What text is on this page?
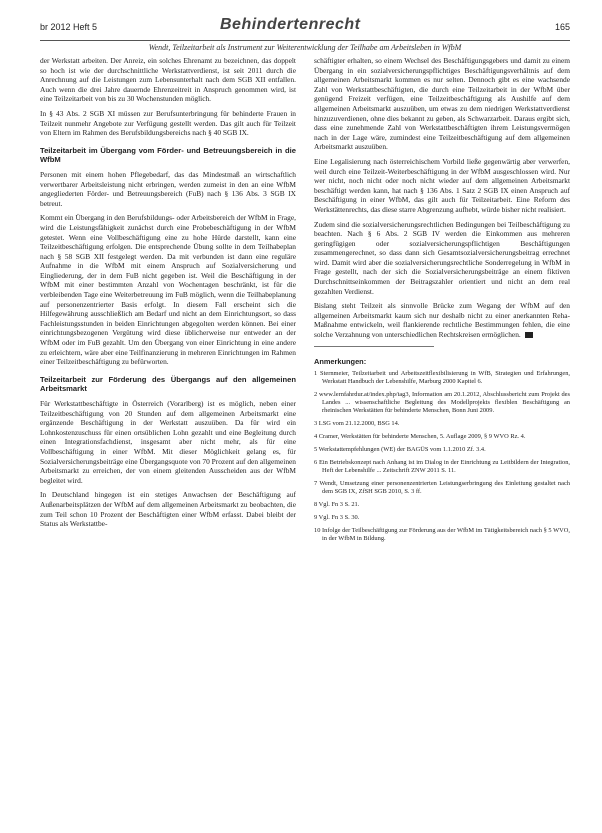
br 2012 Heft 5	Behindertenrecht	165
Wendt, Teilzeitarbeit als Instrument zur Weiterentwicklung der Teilhabe am Arbeitsleben in WfbM

der Werkstatt arbeiten. Der Anreiz, ein solches Ehrenamt zu bezeichnen, das doppelt so hoch ist wie der durchschnittliche Werkstattverdienst, ist seit 2011 durch die Anrechnung auf die Leistungen zum Lebensunterhalt nach dem SGB XII entfallen. Auch wenn die drei Jahre dauernde Ehrenzeitreit in Anspruch genommen wird, ist eine Teilzeitarbeit von bis zu 30 Wochenstunden möglich.

In § 43 Abs. 2 SGB XI müssen zur Berufsunterbringung für behinderte Frauen in Teilzeit nunmehr Angebote zur Verfügung gestellt werden. Das gilt auch für Teilzeit von Eltern im Rahmen des Berufsbildungsbereichs nach § 40 SGB IX.

Teilzeitarbeit im Übergang vom Förder- und Betreuungsbereich in die WfbM

Personen mit einem hohen Pflegebedarf, das das Mindestmaß an wirtschaftlich verwertbarer Arbeitsleistung nicht erbringen, werden zumeist in den an eine WfbM angegliederten Förder- und Betreuungsbereich (FuB) nach § 136 Abs. 3 SGB IX betreut.

Kommt ein Übergang in den Berufsbildungs- oder Arbeitsbereich der WfbM in Frage, wird die Leistungsfähigkeit zunächst durch eine Probebeschäftigung in der WfbM getestet. Wenn eine Vollbeschäftigung eine zu hohe Hürde darstellt, kann eine Teilzeitbeschäftigung erfolgen. Die entsprechende Übung sollte in dem Teilhabeplan nach § 58 SGB XII festgelegt werden. Da mit verbunden ist dann eine reguläre Aufnahme in die WfbM mit einem Anspruch auf Sozialversicherung und Eingliederung, der in dem FuB nicht gegeben ist. Weil die Beschäftigung in der WfbM mit einer bestimmten Anzahl von Wochentagen beschränkt, ist für die verbleibenden Tage eine Weiterbetreuung im FuB möglich, wenn die Teilhabeplanung auf personenzentrierter Basis erfolgt. In diesem Fall erscheint sich die Hilfegewährung ausschließlich am Bedarf und nicht an dem Einrichtungsort, so dass Fachleistungsstunden in beiden Einrichtungen abgegolten werden können. Bei einer einrichtungsbezogenen Vergütung wird diese üblicherweise nur entweder an der WfbM oder im FuB gezahlt. Um den Übergang von einer Einrichtung in eine andere zu erleichtern, wäre aber eine Teilfinanzierung in mehreren Einrichtungen im Rahmen einer Teilzeitbeschäftigung zu befürworten.

Teilzeitarbeit zur Förderung des Übergangs auf den allgemeinen Arbeitsmarkt

Für Werkstattbeschäftigte in Österreich (Vorarlberg) ist es möglich, neben einer Teilzeitbeschäftigung von 20 Stunden auf dem allgemeinen Arbeitsmarkt eine ergänzende Beschäftigung in der Werkstatt auszuüben. Da für wird ein Lohnkostenzuschuss für einen ortsüblichen Lohn gezahlt und eine Begleitung durch einen Integrationsfachdienst, insgesamt aber nicht mehr, als für eine Vollbeschäftigung in einer WfbM. Mit dieser Möglichkeit gelang es, für Sozialversicherungsbeiträge eine Übergangsquote von 70 Prozent auf den allgemeinen Arbeitsmarkt zu erreichen, der von einem gleitenden Ausscheiden aus der WfbM begleitet wird.

In Deutschland hingegen ist ein stetiges Anwachsen der Beschäftigung auf Außenarbeitsplätzen der WfbM auf dem allgemeinen Arbeitsmarkt zu beobachten, die zum Teil schon 10 Prozent der Beschäftigten einer WfbM erfasst. Dabei bleibt der Status als Werkstattbe-

schäftigter erhalten, so einem Wechsel des Beschäftigungsgebers und damit zu einem Übergang in ein sozialversicherungspflichtiges Beschäftigungsverhältnis auf dem allgemeinen Arbeitsmarkt kommen es nur selten. Dennoch gibt es eine wachsende Zahl von Werkstattbeschäftigten, die durch eine Teilzeitarbeit in der WfbM über genügend Freizeit verfügen, eine Teilzeitbeschäftigung als Aushilfe auf dem allgemeinen Arbeitsmarkt auszuüben, um etwas zu dem niedrigen Werkstattverdienst hinzuzuverdienen, ohne dies bekannt zu geben, als Schwarzarbeit. Daraus ergibt sich, dass eine zunehmende Zahl von Werkstattbeschäftigten ihrem Leistungsvermögen nach in der Lage wäre, zumindest eine Teilzeitbeschäftigung auf dem allgemeinen Arbeitsmarkt auszuüben.

Eine Legalisierung nach österreichischem Vorbild ließe gegenwärtig aber verwerfen, weil durch eine Teilzeit-Weiterbeschäftigung in der WfbM ausgeschlossen wird. Nur wer nicht, noch nicht oder noch nicht wieder auf dem allgemeinen Arbeitsmarkt beschäftigt werden kann, hat nach § 136 Abs. 1 Satz 2 SGB IX einen Anspruch auf Beschäftigung in einer WfbM, das gilt auch für Teilzeitarbeit. Eine Reform des Werkstättenrechts, das diese starre Abgrenzung aufhebt, würde bisher nicht realisiert.

Zudem sind die sozialversicherungsrechtlichen Bedingungen bei Teilbeschäftigung zu beachten. Nach § 6 Abs. 2 SGB IV werden die Einkommen aus mehreren geringfügigen oder sozialversicherungspflichtigen Beschäftigungen zusammengerechnet, so dass dann sich Gesamtsozialversicherungsbeitrag errechnet wird. Damit wird aber die sozialversicherungsrechtliche Sonderregelung in WfbM in Frage gestellt, nach der sich die Sozialversicherungsbeiträge an einem fiktiven Durchschnittseinkommen der Beitragszahler orientiert und nicht an dem real gezahlten Verdienst.

Bislang steht Teilzeit als sinnvolle Brücke zum Wegang der WfbM auf den allgemeinen Arbeitsmarkt kaum sich nur deshalb nicht zu einer anerkannten Reha-Maßnahme entwickeln, weil flankierende rechtliche Bestimmungen fehlen, die eine solche Verzahnung von unterschiedlichen Rechtskreisen ermöglichen.

Anmerkungen:

1 Sternmeier, Teilzeitarbeit und Arbeitszeitflexibilisierung in WfB, Strategien und Erfahrungen, Werkstatt Handbuch der Lebenshilfe, Marburg 2000 Kapitel 6.

2 www.lernfahrdur.at/index.php/tag3, Information am 20.1.2012, Abschlussbericht zum Projekt des Landes ... wissenschaftliche Begleitung des Modellprojekts flexiblen Beschäftigung an rheinischen Werkstätten für behinderte Menschen, Bonn Juni 2009.

3 LSG vom 21.12.2000, BSG 14.

4 Cramer, Werkstätten für behinderte Menschen, 5. Auflage 2009, § 9 WVO Rz. 4.

5 Werkstattempfehlungen (WE) der BAGÜS vom 1.1.2010 Zf. 3.4.

6 Ein Betriebskonzept nach Anhang ist im Dialog in der Einrichtung zu Leitbildern der Integration, Heft der Lebenshilfe ... Zeitschrift ZNW 2011 S. 11.

7 Wendt, Umsetzung einer personenzentrierten Leistungserbringung des Einleitung gestaltet nach dem SGB IX, ZfSH SGB 2010, S. 3 ff.

8 Vgl. Fn 3 S. 21.

9 Vgl. Fn 3 S. 30.

10 Infolge der Teilbeschäftigung zur Förderung aus der WfbM im Tätigkeitsbereich nach § 5 WVO, in der WfbM in Bildung.
